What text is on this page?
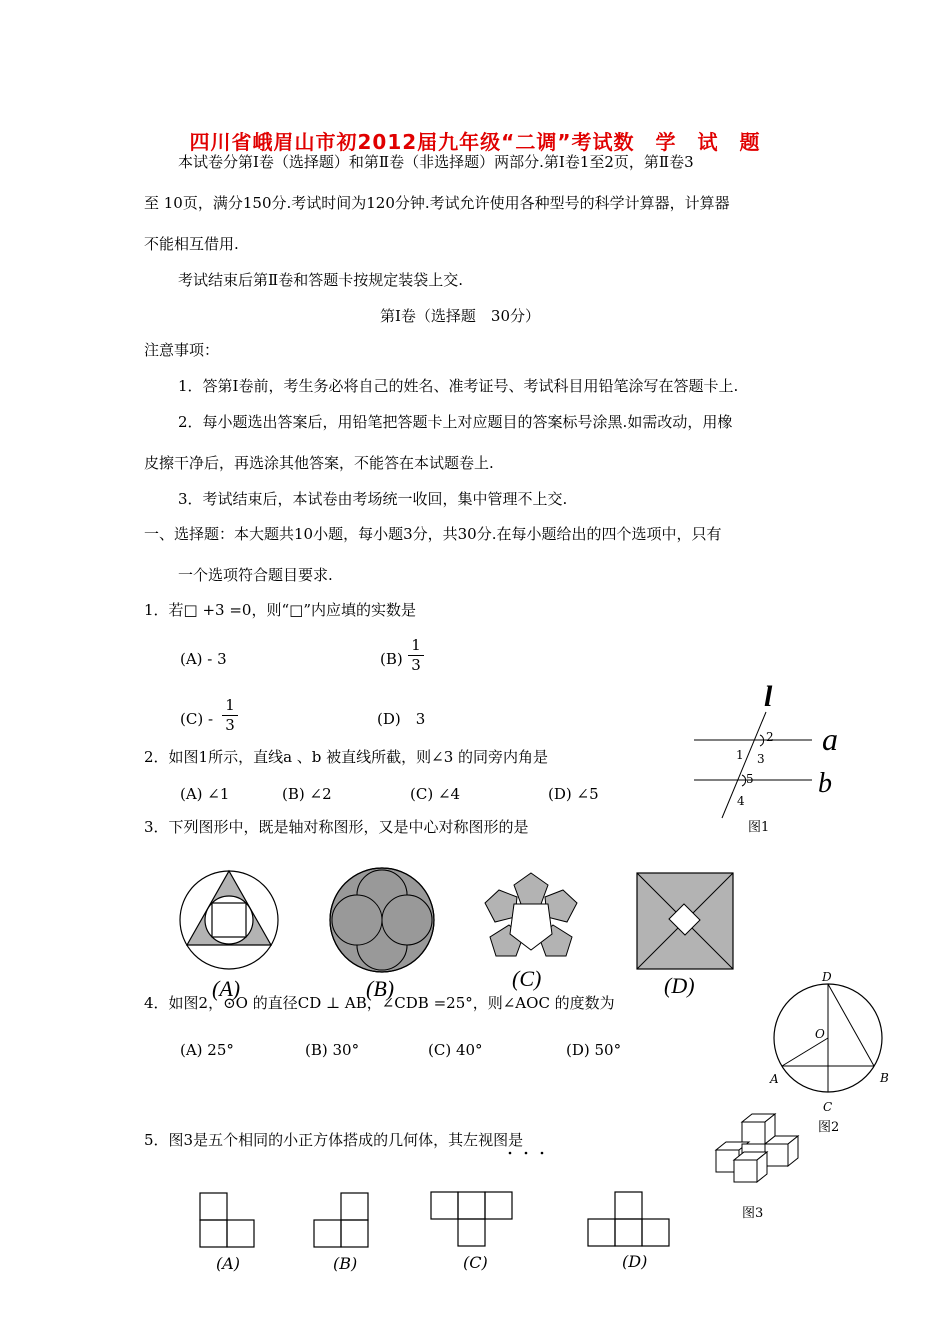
四川省峨眉山市初2012届九年级“二调”考试数　学　试　题
本试卷分第Ⅰ卷（选择题）和第Ⅱ卷（非选择题）两部分.第Ⅰ卷1至2页，第Ⅱ卷3
至 10页，满分150分.考试时间为120分钟.考试允许使用各种型号的科学计算器，计算器
不能相互借用.
考试结束后第Ⅱ卷和答题卡按规定装袋上交.
第Ⅰ卷（选择题　30分）
注意事项：
1．答第Ⅰ卷前，考生务必将自己的姓名、准考证号、考试科目用铅笔涂写在答题卡上.
2．每小题选出答案后，用铅笔把答题卡上对应题目的答案标号涂黑.如需改动，用橡
皮擦干净后，再选涂其他答案，不能答在本试题卷上.
3．考试结束后，本试卷由考场统一收回，集中管理不上交.
一、选择题：本大题共10小题，每小题3分，共30分.在每小题给出的四个选项中，只有
一个选项符合题目要求.
1．若□ +3 =0，则“□”内应填的实数是
(A) - 3	(B)
1
3
(C) -
1
3	(D)　3
2．如图1所示，直线a 、b 被直线所截，则∠3 的同旁内角是
(A) ∠1	(B) ∠2	(C) ∠4	(D) ∠5
l
a
b
2
1 3
5
4
图1
3．下列图形中，既是轴对称图形，又是中心对称图形的是
(A)	(B)	(C)	(D)
4．如图2，⊙O 的直径CD ⊥ AB，∠CDB =25°，则∠AOC 的度数为
(A) 25°	(B) 30°	(C) 40°	(D) 50°
D
O
A	B
C
图2
5．图3是五个相同的小正方体搭成的几何体，其左视图是
图3
(A)	(B)	(C)	(D)
